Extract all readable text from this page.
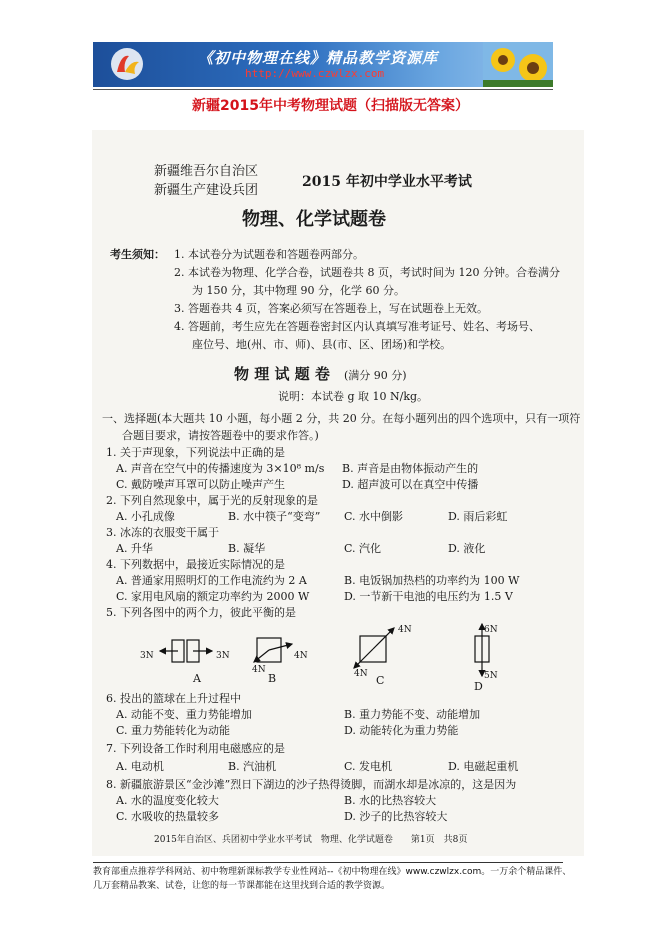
《初中物理在线》精品教学资源库
http://www.czwlzx.com
新疆2015年中考物理试题（扫描版无答案）
新疆维吾尔自治区
新疆生产建设兵团
2015 年初中学业水平考试
物理、化学试题卷
考生须知： 1. 本试卷分为试题卷和答题卷两部分。
2. 本试卷为物理、化学合卷，试题卷共 8 页，考试时间为 120 分钟。合卷满分
为 150 分，其中物理 90 分，化学 60 分。
3. 答题卷共 4 页，答案必须写在答题卷上，写在试题卷上无效。
4. 答题前，考生应先在答题卷密封区内认真填写准考证号、姓名、考场号、
座位号、地(州、市、师)、县(市、区、团场)和学校。
物 理 试 题 卷 (满分 90 分)
说明：本试卷 g 取 10 N/kg。
一、选择题(本大题共 10 小题，每小题 2 分，共 20 分。在每小题列出的四个选项中，只有一项符
合题目要求，请按答题卷中的要求作答。)
1. 关于声现象，下列说法中正确的是
A. 声音在空气中的传播速度为 3×10⁸ m/s B. 声音是由物体振动产生的
C. 戴防噪声耳罩可以防止噪声产生	D. 超声波可以在真空中传播
2. 下列自然现象中，属于光的反射现象的是
A. 小孔成像	B. 水中筷子“变弯” C. 水中倒影	D. 雨后彩虹
3. 冰冻的衣服变干属于
A. 升华	B. 凝华	C. 汽化	D. 液化
4. 下列数据中，最接近实际情况的是
A. 普通家用照明灯的工作电流约为 2 A	B. 电饭锅加热档的功率约为 100 W
C. 家用电风扇的额定功率约为 2000 W	D. 一节新干电池的电压约为 1.5 V
5. 下列各图中的两个力，彼此平衡的是
3N	3N
A
4N
4N
B
4N
4N C
6N
5N
D
6. 投出的篮球在上升过程中
A. 动能不变、重力势能增加	B. 重力势能不变、动能增加
C. 重力势能转化为动能	D. 动能转化为重力势能
7. 下列设备工作时利用电磁感应的是
A. 电动机	B. 汽油机	C. 发电机	D. 电磁起重机
8. 新疆旅游景区“金沙滩”烈日下湖边的沙子热得烫脚，而湖水却是冰凉的，这是因为
A. 水的温度变化较大	B. 水的比热容较大
C. 水吸收的热量较多	D. 沙子的比热容较大
2015年自治区、兵团初中学业水平考试　物理、化学试题卷　　第1页　共8页
教育部重点推荐学科网站、初中物理新课标教学专业性网站--《初中物理在线》www.czwlzx.com。一万余个精品课件、
几万套精品教案、试卷，让您的每一节课都能在这里找到合适的教学资源。
